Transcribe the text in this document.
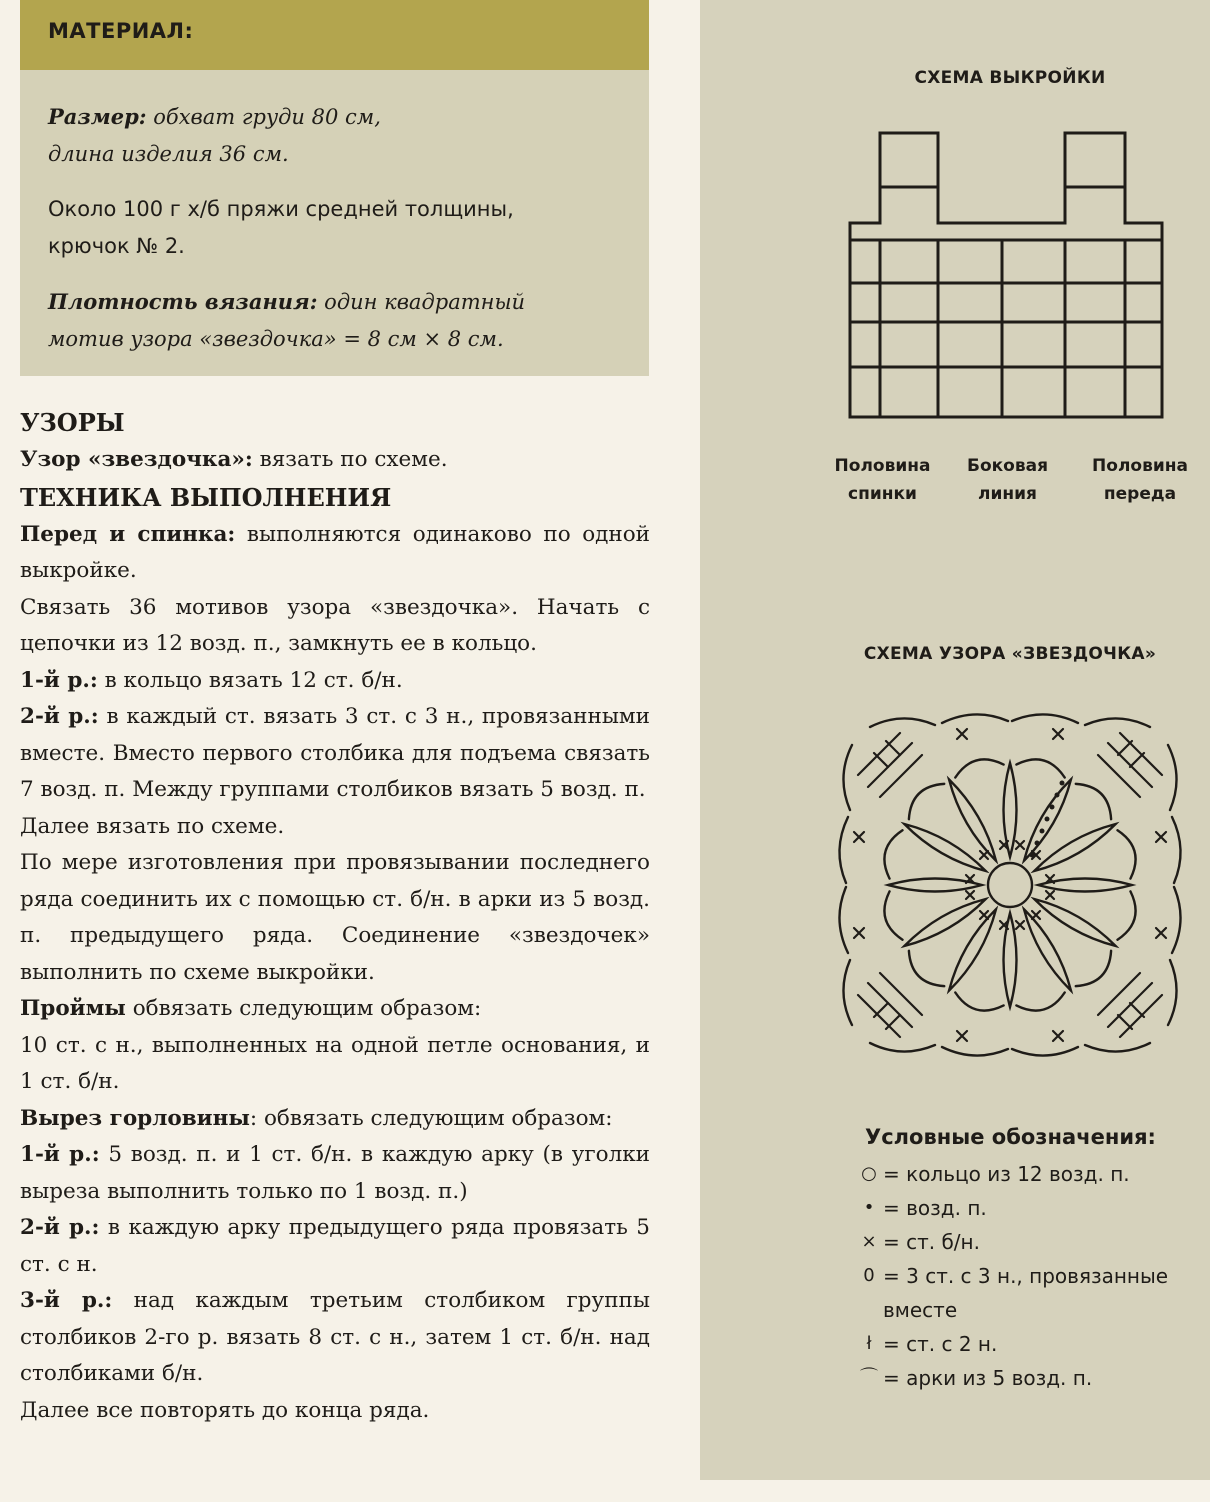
МАТЕРИАЛ:

Размер: обхват груди 80 см,

длина изделия 36 см.

Около 100 г х/б пряжи средней толщины,

крючок № 2.

Плотность вязания: один квадратный

мотив узора «звездочка» = 8 см × 8 см.

УЗОРЫ

Узор «звездочка»: вязать по схеме.

ТЕХНИКА ВЫПОЛНЕНИЯ

Перед и спинка: выполняются одинаково по одной выкройке.

Связать 36 мотивов узора «звездочка». Начать с цепочки из 12 возд. п., замкнуть ее в кольцо.

1-й р.: в кольцо вязать 12 ст. б/н.

2-й р.: в каждый ст. вязать 3 ст. с 3 н., провязанными вместе. Вместо первого столбика для подъема связать 7 возд. п. Между группами столбиков вязать 5 возд. п.

Далее вязать по схеме.

По мере изготовления при провязывании последнего ряда соединить их с помощью ст. б/н. в арки из 5 возд. п. предыдущего ряда. Соединение «звездочек» выполнить по схеме выкройки.

Проймы обвязать следующим образом:

10 ст. с н., выполненных на одной петле основания, и 1 ст. б/н.

Вырез горловины: обвязать следующим образом:

1-й р.: 5 возд. п. и 1 ст. б/н. в каждую арку (в уголки выреза выполнить только по 1 возд. п.)

2-й р.: в каждую арку предыдущего ряда провязать 5 ст. с н.

3-й р.: над каждым третьим столбиком группы столбиков 2-го р. вязать 8 ст. с н., затем 1 ст. б/н. над столбиками б/н.

Далее все повторять до конца ряда.

СХЕМА ВЫКРОЙКИ
Половина
спинки
Боковая
линия
Половина
переда
СХЕМА УЗОРА «ЗВЕЗДОЧКА»
Условные обозначения:
○ = кольцо из 12 возд. п.
• = возд. п.
× = ст. б/н.
0 = 3 ст. с 3 н., провязанные вместе
ł = ст. с 2 н.
⌒ = арки из 5 возд. п.
